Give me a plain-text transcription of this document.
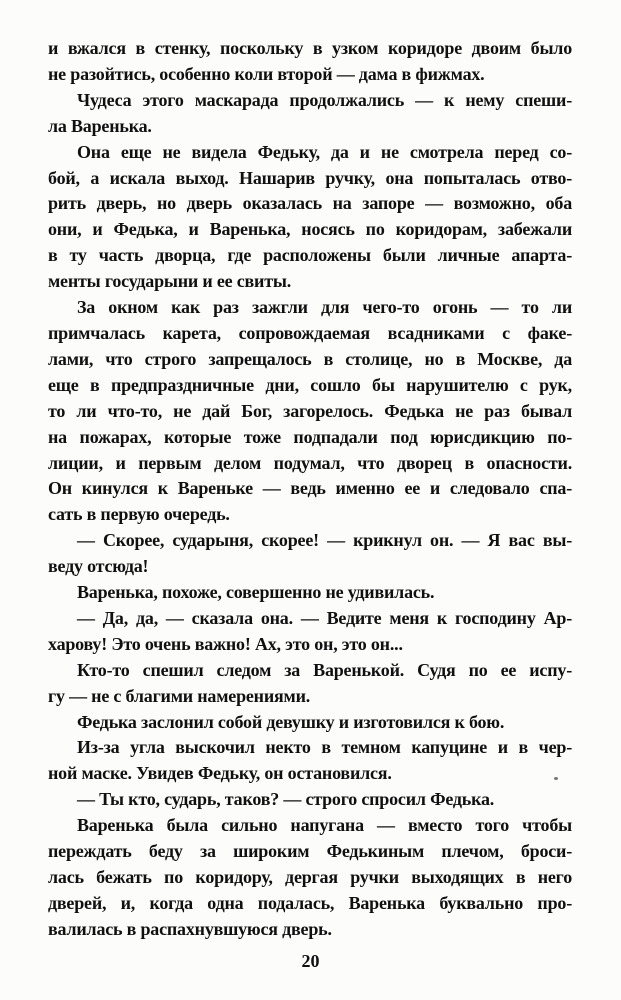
и вжался в стенку, поскольку в узком коридоре двоим было
не разойтись, особенно коли второй — дама в фижмах.
Чудеса этого маскарада продолжались — к нему спеши-
ла Варенька.
Она еще не видела Федьку, да и не смотрела перед со-
бой, а искала выход. Нашарив ручку, она попыталась отво-
рить дверь, но дверь оказалась на запоре — возможно, оба
они, и Федька, и Варенька, носясь по коридорам, забежали
в ту часть дворца, где расположены были личные апарта-
менты государыни и ее свиты.
За окном как раз зажгли для чего-то огонь — то ли
примчалась карета, сопровождаемая всадниками с факе-
лами, что строго запрещалось в столице, но в Москве, да
еще в предпраздничные дни, сошло бы нарушителю с рук,
то ли что-то, не дай Бог, загорелось. Федька не раз бывал
на пожарах, которые тоже подпадали под юрисдикцию по-
лиции, и первым делом подумал, что дворец в опасности.
Он кинулся к Вареньке — ведь именно ее и следовало спа-
сать в первую очередь.
— Скорее, сударыня, скорее! — крикнул он. — Я вас вы-
веду отсюда!
Варенька, похоже, совершенно не удивилась.
— Да, да, — сказала она. — Ведите меня к господину Ар-
харову! Это очень важно! Ах, это он, это он...
Кто-то спешил следом за Варенькой. Судя по ее испу-
гу — не с благими намерениями.
Федька заслонил собой девушку и изготовился к бою.
Из-за угла выскочил некто в темном капуцине и в чер-
ной маске. Увидев Федьку, он остановился.
— Ты кто, сударь, таков? — строго спросил Федька.
Варенька была сильно напугана — вместо того чтобы
переждать беду за широким Федькиным плечом, броси-
лась бежать по коридору, дергая ручки выходящих в него
дверей, и, когда одна подалась, Варенька буквально про-
валилась в распахнувшуюся дверь.
20
